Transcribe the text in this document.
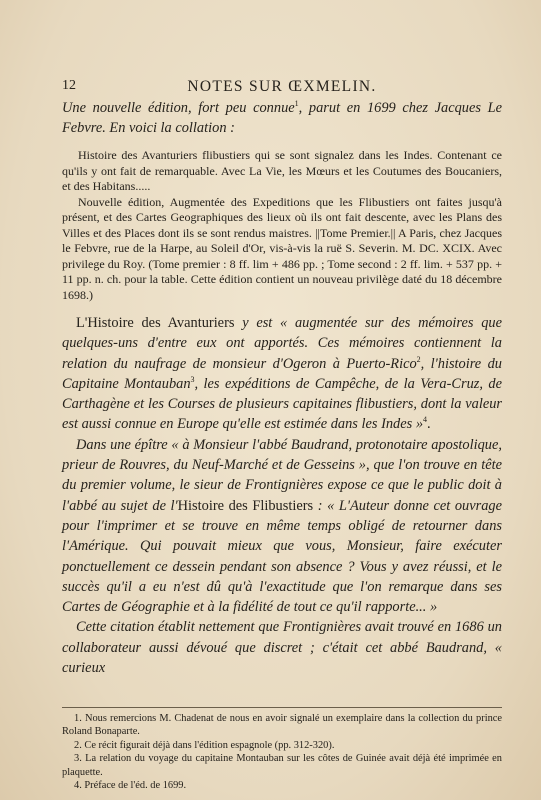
12	NOTES SUR ŒXMELIN.

Une nouvelle édition, fort peu connue$^1$, parut en 1699 chez Jacques Le Febvre. En voici la collation :

Histoire des Avanturiers flibustiers qui se sont signalez dans les Indes. Contenant ce qu'ils y ont fait de remarquable. Avec La Vie, les Mœurs et les Coutumes des Boucaniers, et des Habitans.....

Nouvelle édition, Augmentée des Expeditions que les Flibustiers ont faites jusqu'à présent, et des Cartes Geographiques des lieux où ils ont fait descente, avec les Plans des Villes et des Places dont ils se sont rendus maistres. ||Tome Premier.|| A Paris, chez Jacques le Febvre, rue de la Harpe, au Soleil d'Or, vis-à-vis la ruë S. Severin. M. DC. XCIX. Avec privilege du Roy. (Tome premier : 8 ff. lim + 486 pp. ; Tome second : 2 ff. lim. + 537 pp. + 11 pp. n. ch. pour la table. Cette édition contient un nouveau privilège daté du 18 décembre 1698.)

L'Histoire des Avanturiers y est « augmentée sur des mémoires que quelques-uns d'entre eux ont apportés. Ces mémoires contiennent la relation du naufrage de monsieur d'Ogeron à Puerto-Rico$^2$, l'histoire du Capitaine Montauban$^3$, les expéditions de Campêche, de la Vera-Cruz, de Carthagène et les Courses de plusieurs capitaines flibustiers, dont la valeur est aussi connue en Europe qu'elle est estimée dans les Indes »$^4$.

Dans une épître « à Monsieur l'abbé Baudrand, protonotaire apostolique, prieur de Rouvres, du Neuf-Marché et de Gesseins », que l'on trouve en tête du premier volume, le sieur de Frontignières expose ce que le public doit à l'abbé au sujet de l'Histoire des Flibustiers : « L'Auteur donne cet ouvrage pour l'imprimer et se trouve en même temps obligé de retourner dans l'Amérique. Qui pouvait mieux que vous, Monsieur, faire exécuter ponctuellement ce dessein pendant son absence ? Vous y avez réussi, et le succès qu'il a eu n'est dû qu'à l'exactitude que l'on remarque dans ses Cartes de Géographie et à la fidélité de tout ce qu'il rapporte... »

Cette citation établit nettement que Frontignières avait trouvé en 1686 un collaborateur aussi dévoué que discret ; c'était cet abbé Baudrand, « curieux

1. Nous remercions M. Chadenat de nous en avoir signalé un exemplaire dans la collection du prince Roland Bonaparte.

2. Ce récit figurait déjà dans l'édition espagnole (pp. 312-320).

3. La relation du voyage du capitaine Montauban sur les côtes de Guinée avait déjà été imprimée en plaquette.

4. Préface de l'éd. de 1699.
